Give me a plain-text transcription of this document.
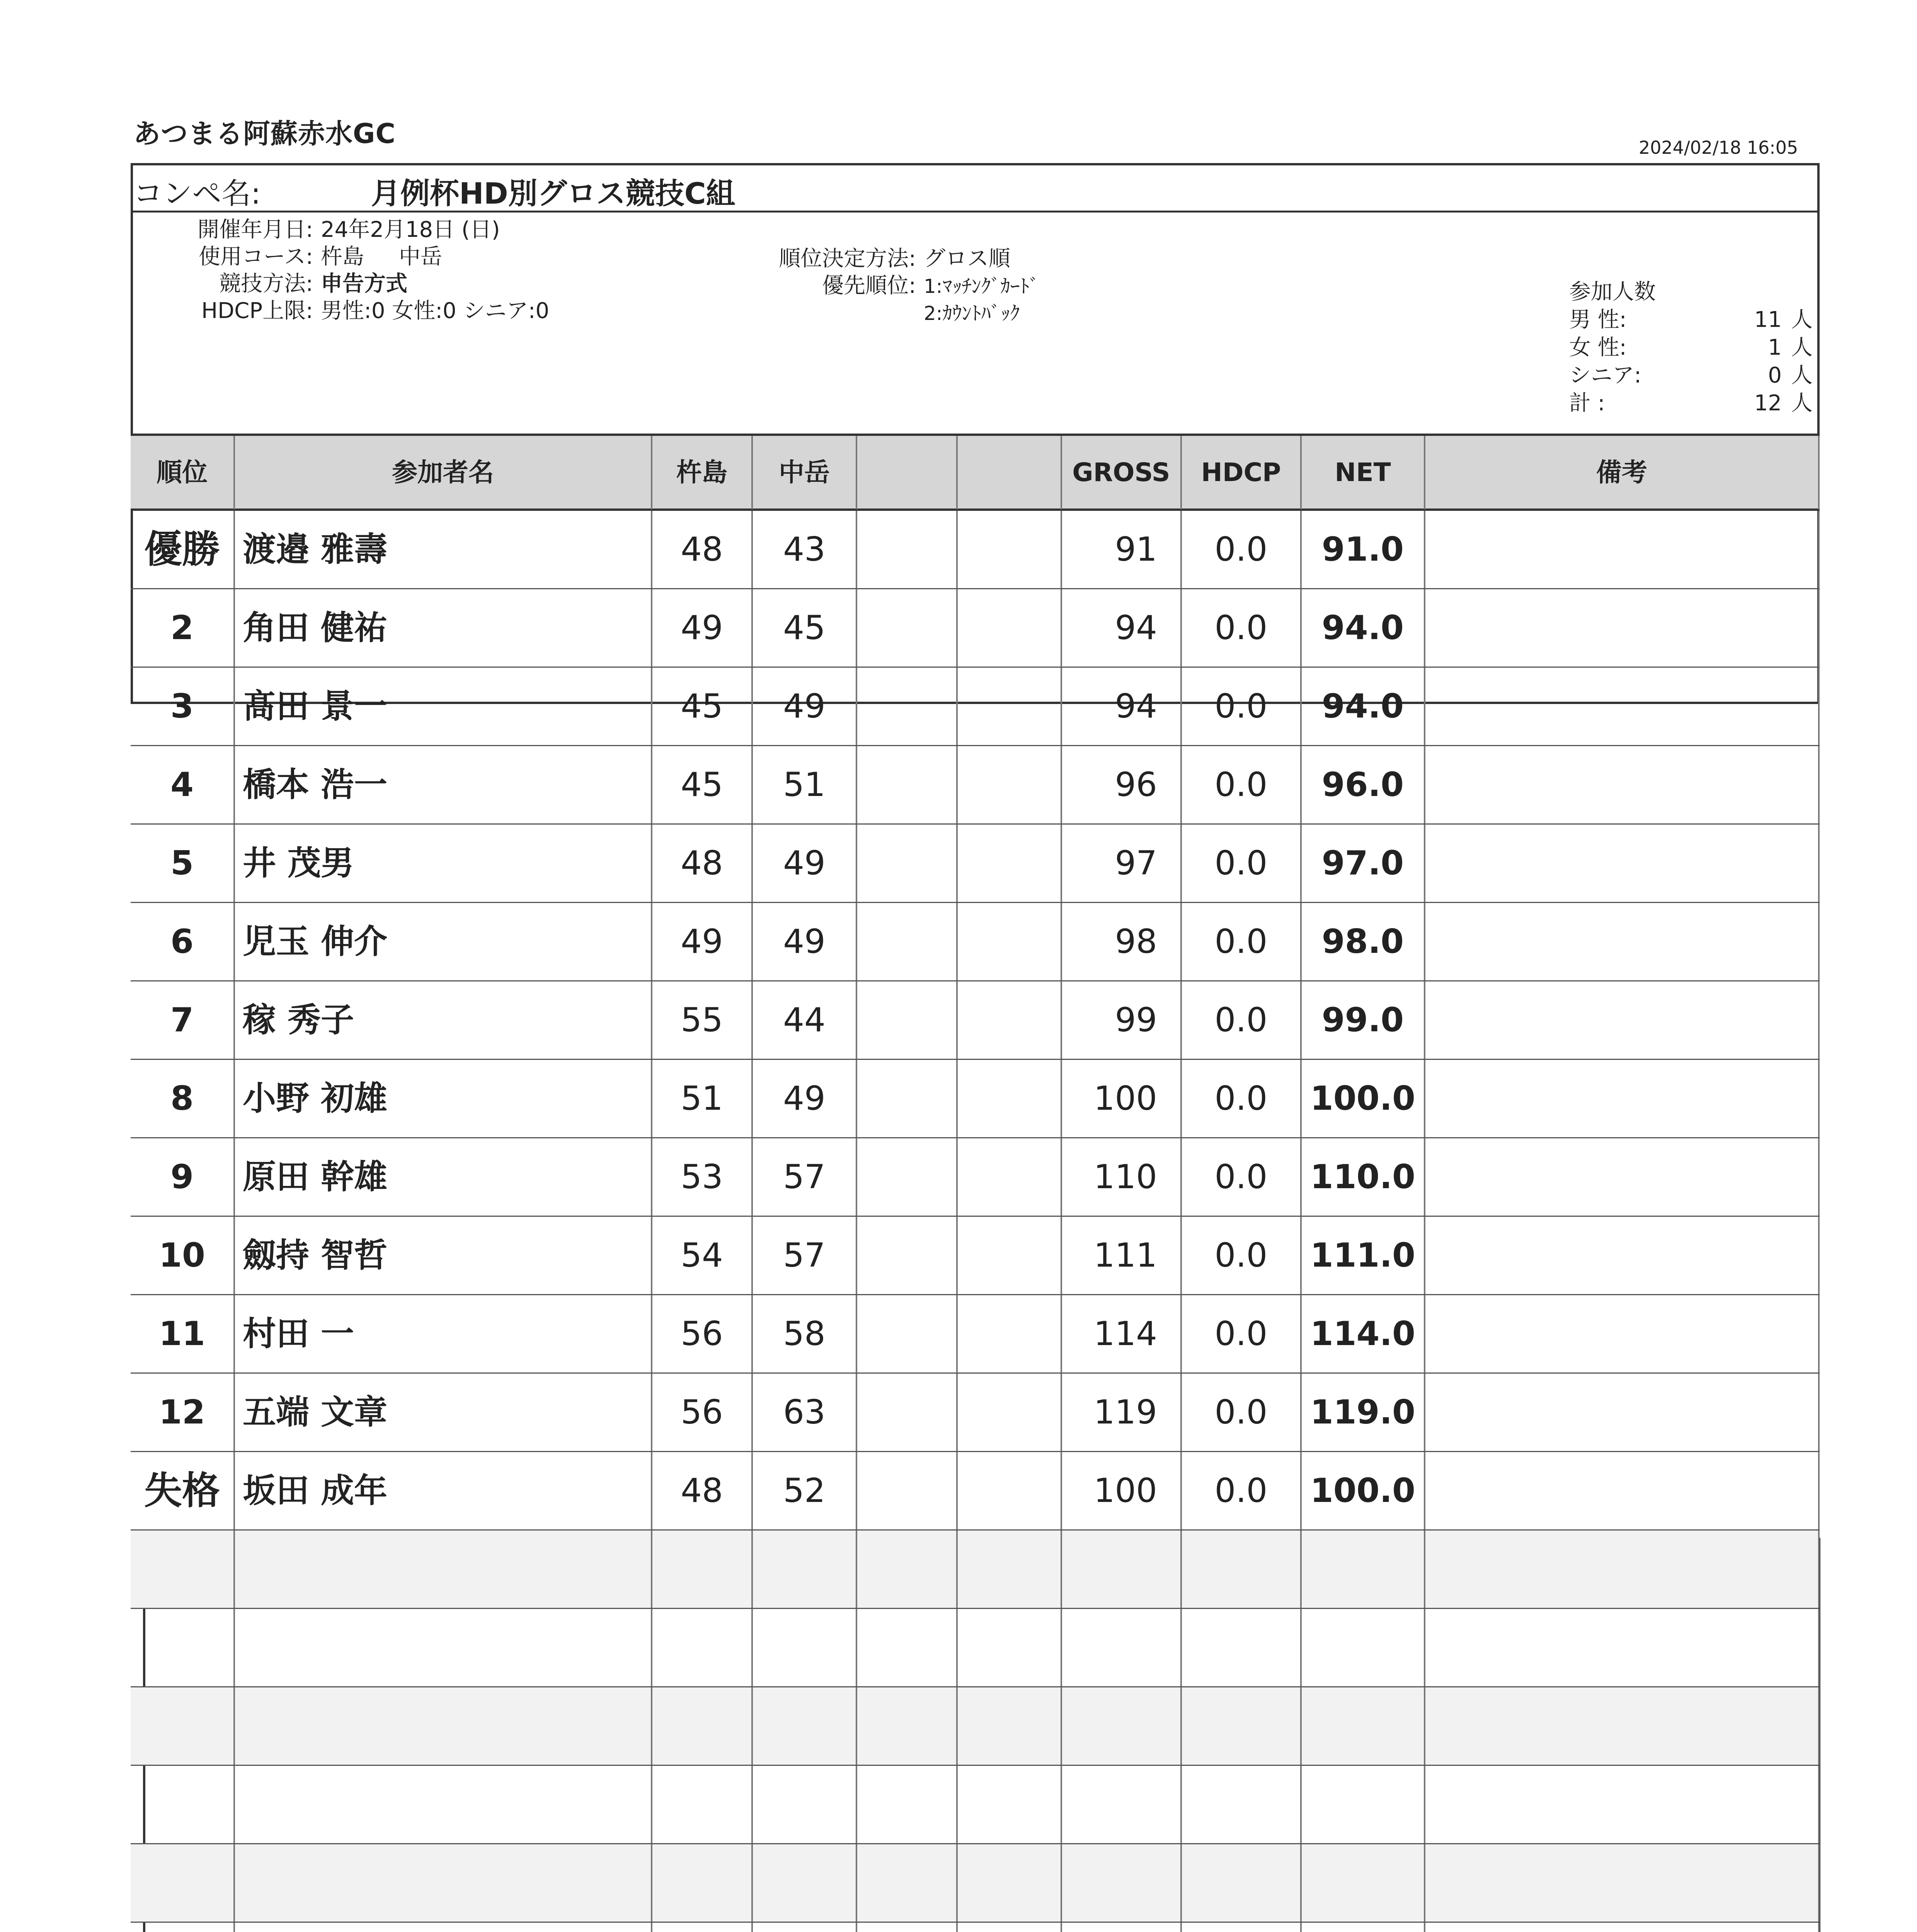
あつまる阿蘇赤水GC	2024/02/18 16:05
コンペ名:	月例杯HD別グロス競技C組
開催年月日: 24年2月18日 (日)
使用コース: 杵島 中岳
競技方法: 申告方式
HDCP上限: 男性:0 女性:0 シニア:0
順位決定方法: グロス順
優先順位: 1:ﾏｯﾁﾝｸﾞｶｰﾄﾞ
2:ｶｳﾝﾄﾊﾞｯｸ
参加人数
男 性:	11 人
女 性:	1 人
シニア:	0 人
計 :	12 人
順位	参加者名	杵島	中岳	GROSS	HDCP	NET	備考
優勝 渡邉 雅壽	48	43	91	0.0	91.0
2	角田 健祐	49	45	94	0.0	94.0
3	髙田 景一	45	49	94	0.0	94.0
4	橋本 浩一	45	51	96	0.0	96.0
5	井 茂男	48	49	97	0.0	97.0
6	児玉 伸介	49	49	98	0.0	98.0
7	稼 秀子	55	44	99	0.0	99.0
8	小野 初雄	51	49	100	0.0	100.0
9	原田 幹雄	53	57	110	0.0	110.0
10	劔持 智哲	54	57	111	0.0	111.0
11	村田 一	56	58	114	0.0	114.0
12	五端 文章	56	63	119	0.0	119.0
失格 坂田 成年	48	52	100	0.0	100.0
